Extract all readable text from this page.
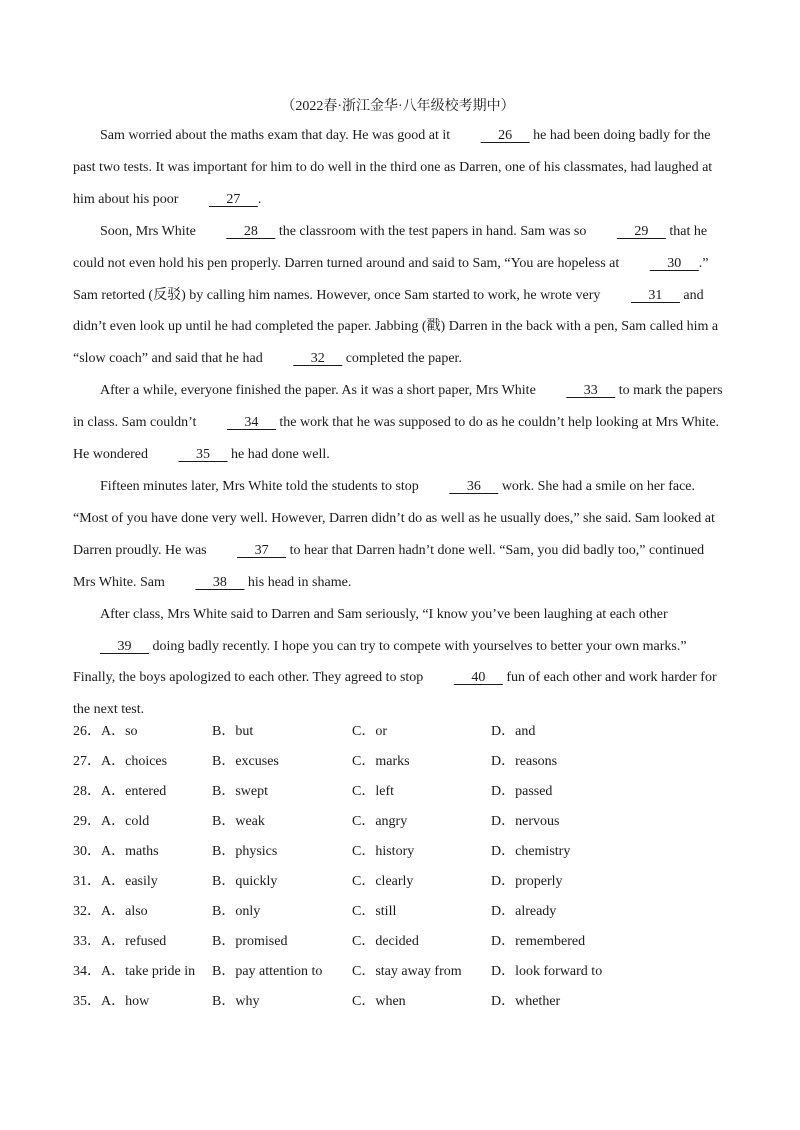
（2022春·浙江金华·八年级校考期中）

Sam worried about the maths exam that day. He was good at it      26      he had been doing badly for the past two tests. It was important for him to do well in the third one as Darren, one of his classmates, had laughed at him about his poor      27     .

Soon, Mrs White      28      the classroom with the test papers in hand. Sam was so      29      that he could not even hold his pen properly. Darren turned around and said to Sam, “You are hopeless at      30     .” Sam retorted (反驳) by calling him names. However, once Sam started to work, he wrote very      31      and didn’t even look up until he had completed the paper. Jabbing (戳) Darren in the back with a pen, Sam called him a “slow coach” and said that he had      32      completed the paper.

After a while, everyone finished the paper. As it was a short paper, Mrs White      33      to mark the papers in class. Sam couldn’t      34      the work that he was supposed to do as he couldn’t help looking at Mrs White. He wondered      35      he had done well.

Fifteen minutes later, Mrs White told the students to stop      36      work. She had a smile on her face. “Most of you have done very well. However, Darren didn’t do as well as he usually does,” she said. Sam looked at Darren proudly. He was      37      to hear that Darren hadn’t done well. “Sam, you did badly too,” continued Mrs White. Sam      38      his head in shame.

After class, Mrs White said to Darren and Sam seriously, “I know you’ve been laughing at each other      39      doing badly recently. I hope you can try to compete with yourselves to better your own marks.” Finally, the boys apologized to each other. They agreed to stop      40      fun of each other and work harder for the next test.

26．A．so	B．but	C．or	D．and
27．A．choices	B．excuses	C．marks	D．reasons
28．A．entered	B．swept	C．left	D．passed
29．A．cold	B．weak	C．angry	D．nervous
30．A．maths	B．physics	C．history	D．chemistry
31．A．easily	B．quickly	C．clearly	D．properly
32．A．also	B．only	C．still	D．already
33．A．refused	B．promised	C．decided	D．remembered
34．A．take pride in B．pay attention to C．stay away from D．look forward to
35．A．how	B．why	C．when	D．whether
